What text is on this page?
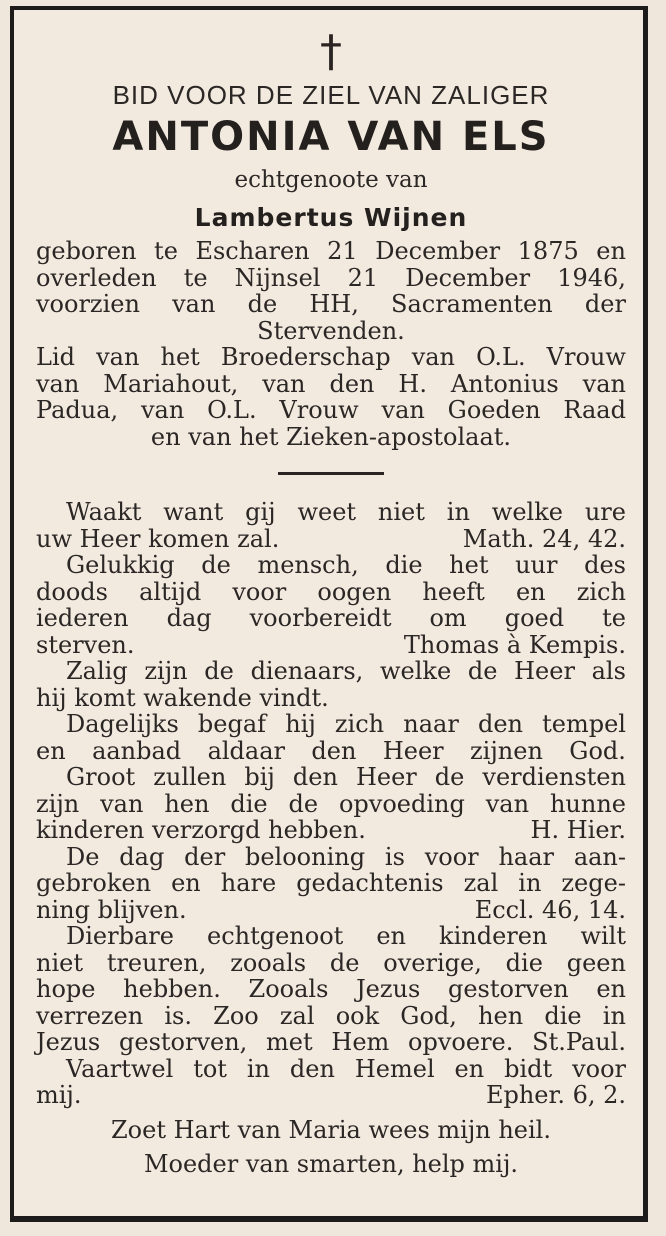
†
BID VOOR DE ZIEL VAN ZALIGER
ANTONIA VAN ELS
echtgenoote van
Lambertus Wijnen
geboren te Escharen 21 December 1875 en
overleden te Nijnsel 21 December 1946,
voorzien van de HH, Sacramenten der
Stervenden.
Lid van het Broederschap van O.L. Vrouw
van Mariahout, van den H. Antonius van
Padua, van O.L. Vrouw van Goeden Raad
en van het Zieken-apostolaat.
Waakt want gij weet niet in welke ure
uw Heer komen zal.	Math. 24, 42.
Gelukkig de mensch, die het uur des
doods altijd voor oogen heeft en zich
iederen dag voorbereidt om goed te
sterven.	Thomas à Kempis.
Zalig zijn de dienaars, welke de Heer als
hij komt wakende vindt.
Dagelijks begaf hij zich naar den tempel
en aanbad aldaar den Heer zijnen God.
Groot zullen bij den Heer de verdiensten
zijn van hen die de opvoeding van hunne
kinderen verzorgd hebben.	H. Hier.
De dag der belooning is voor haar aan-
gebroken en hare gedachtenis zal in zege-
ning blijven.	Eccl. 46, 14.
Dierbare echtgenoot en kinderen wilt
niet treuren, zooals de overige, die geen
hope hebben. Zooals Jezus gestorven en
verrezen is. Zoo zal ook God, hen die in
Jezus gestorven, met Hem opvoere. St.Paul.
Vaartwel tot in den Hemel en bidt voor
mij.	Epher. 6, 2.
Zoet Hart van Maria wees mijn heil.
Moeder van smarten, help mij.
